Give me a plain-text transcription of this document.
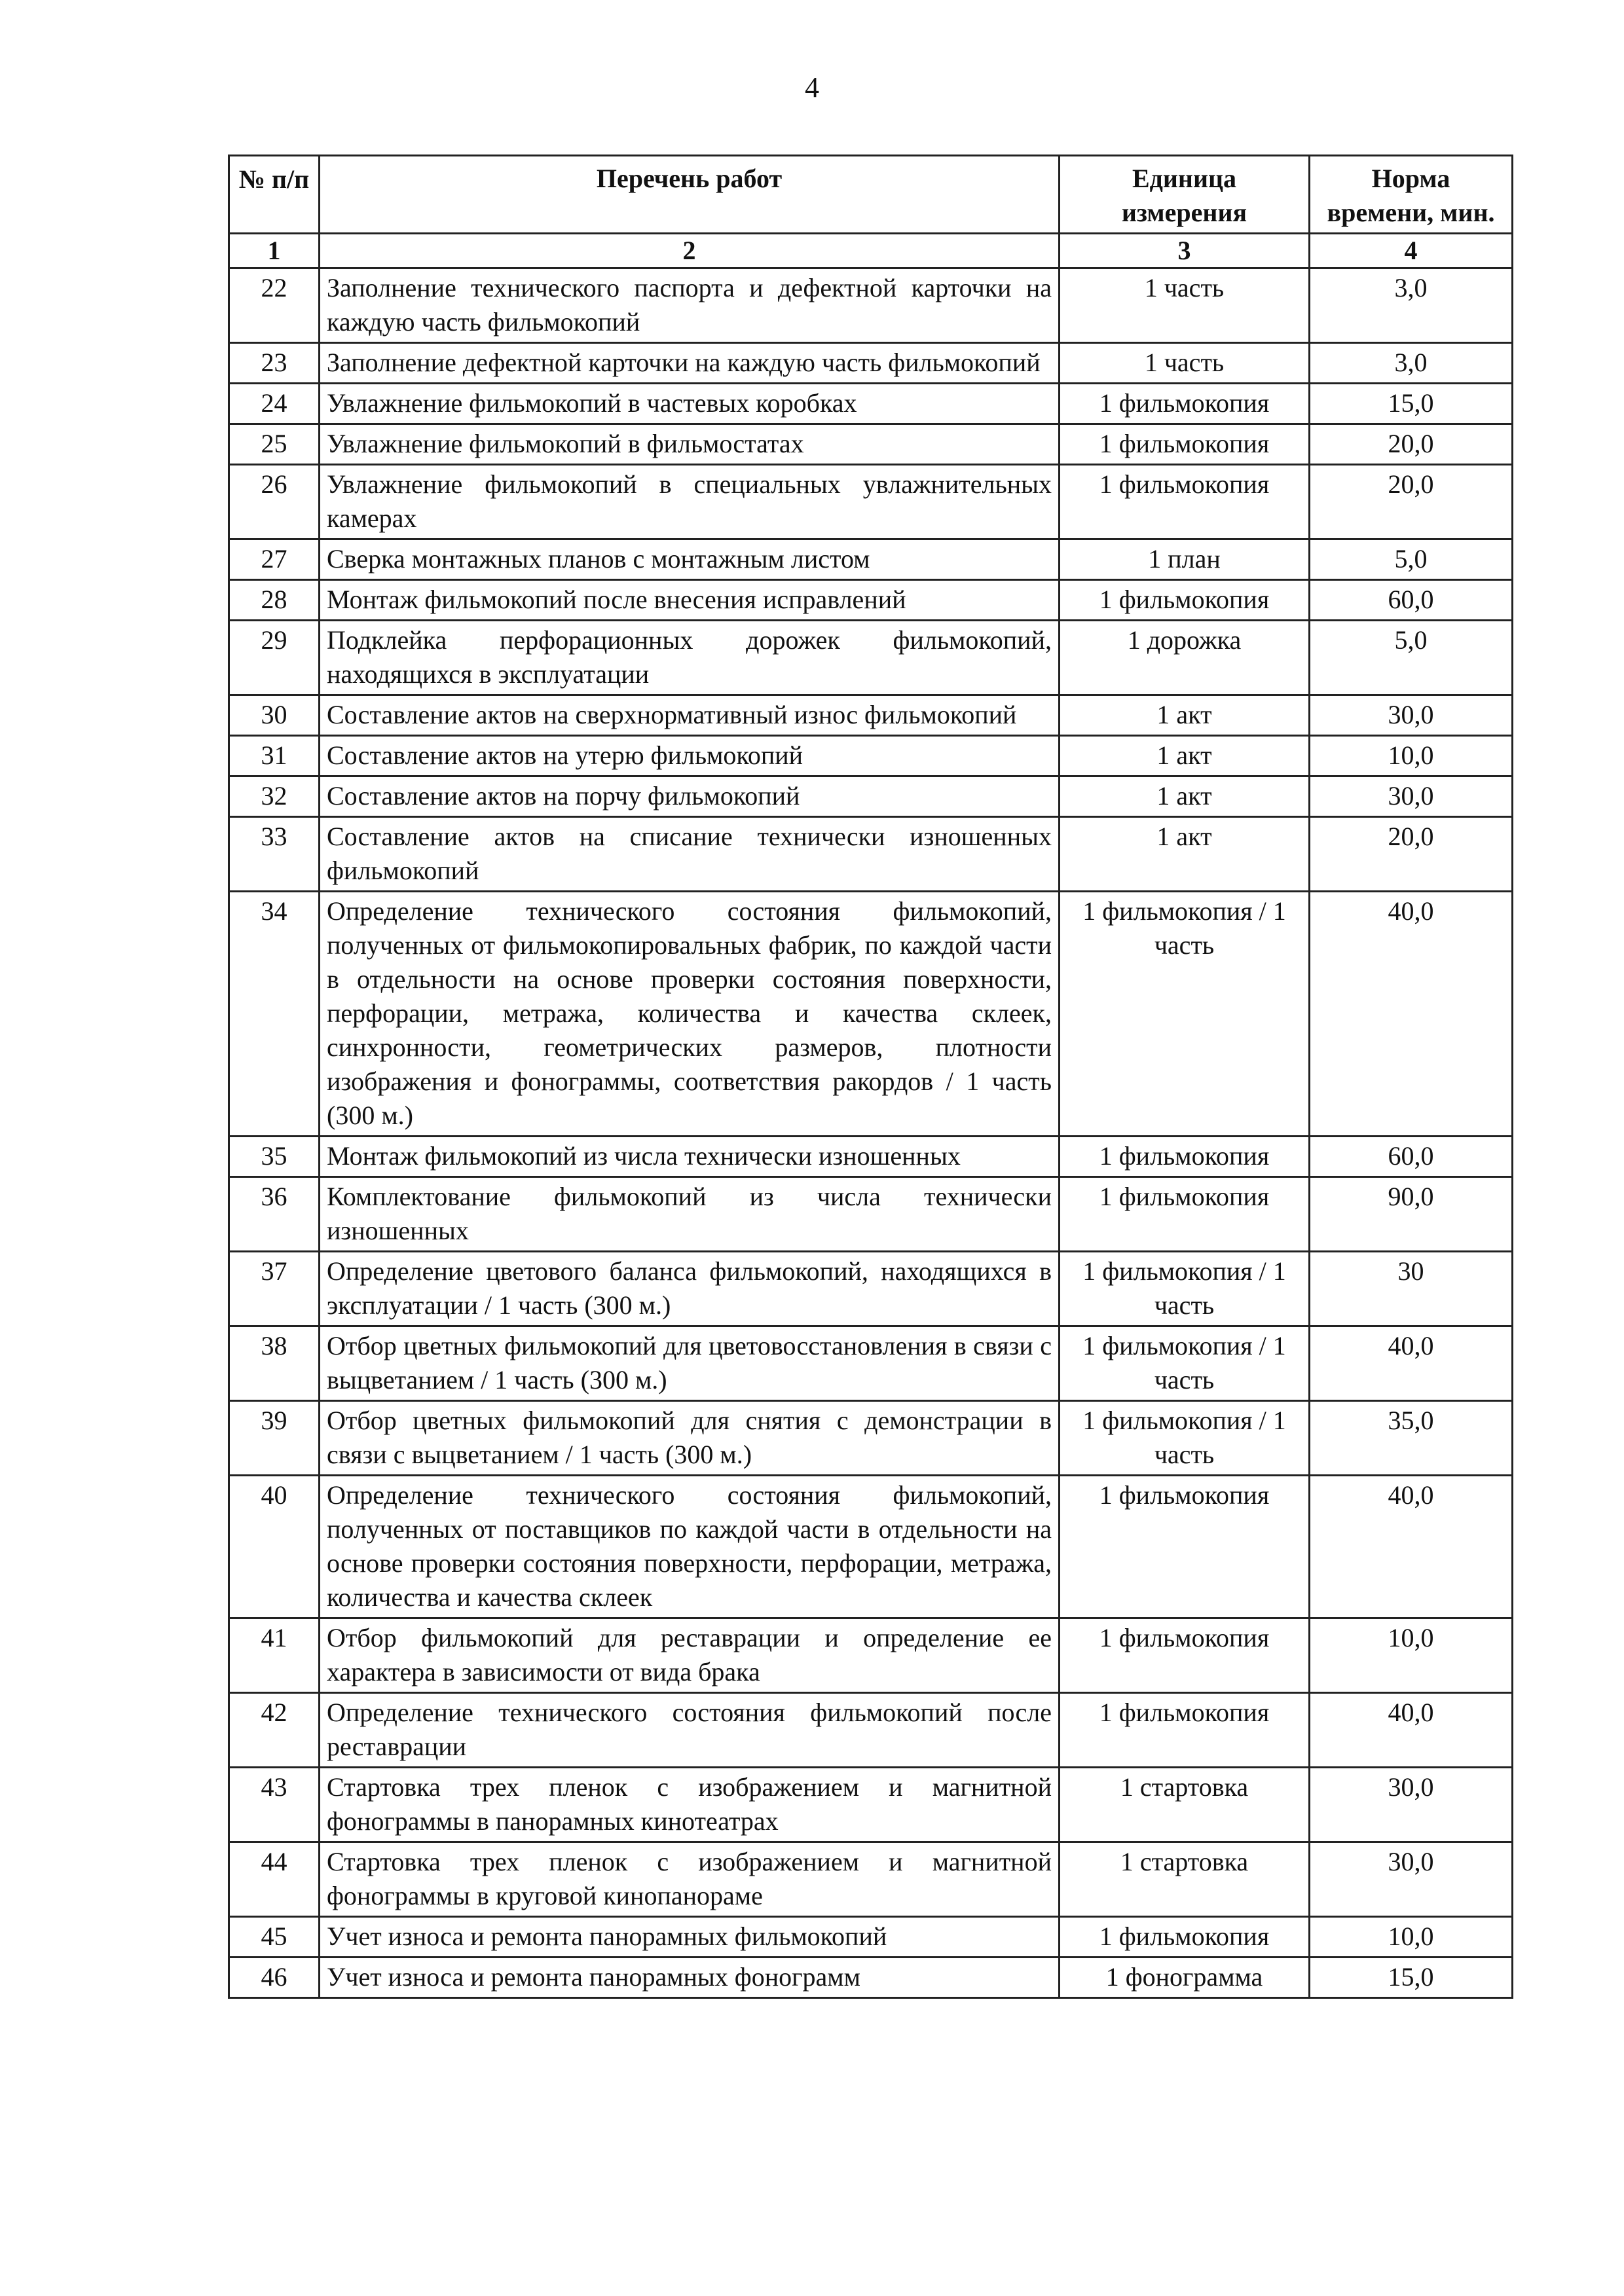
4
№ п/п	Перечень работ	Единица измерения	Норма времени, мин.
1	2	3	4
22	Заполнение технического паспорта и дефектной карточки на каждую часть фильмокопий	1 часть	3,0
23	Заполнение дефектной карточки на каждую часть фильмокопий	1 часть	3,0
24	Увлажнение фильмокопий в частевых коробках	1 фильмокопия	15,0
25	Увлажнение фильмокопий в фильмостатах	1 фильмокопия	20,0
26	Увлажнение фильмокопий в специальных увлажнительных камерах	1 фильмокопия	20,0
27	Сверка монтажных планов с монтажным листом	1 план	5,0
28	Монтаж фильмокопий после внесения исправлений	1 фильмокопия	60,0
29	Подклейка перфорационных дорожек фильмокопий, находящихся в эксплуатации	1 дорожка	5,0
30	Составление актов на сверхнормативный износ фильмокопий	1 акт	30,0
31	Составление актов на утерю фильмокопий	1 акт	10,0
32	Составление актов на порчу фильмокопий	1 акт	30,0
33	Составление актов на списание технически изношенных фильмокопий	1 акт	20,0
34	Определение технического состояния фильмокопий, полученных от фильмокопировальных фабрик, по каждой части в отдельности на основе проверки состояния поверхности, перфорации, метража, количества и качества склеек, синхронности, геометрических размеров, плотности изображения и фонограммы, соответствия ракордов / 1 часть (300 м.)	1 фильмокопия / 1 часть	40,0
35	Монтаж фильмокопий из числа технически изношенных	1 фильмокопия	60,0
36	Комплектование фильмокопий из числа технически изношенных	1 фильмокопия	90,0
37	Определение цветового баланса фильмокопий, находящихся в эксплуатации / 1 часть (300 м.)	1 фильмокопия / 1 часть	30
38	Отбор цветных фильмокопий для цветовосстановления в связи с выцветанием / 1 часть (300 м.)	1 фильмокопия / 1 часть	40,0
39	Отбор цветных фильмокопий для снятия с демонстрации в связи с выцветанием / 1 часть (300 м.)	1 фильмокопия / 1 часть	35,0
40	Определение технического состояния фильмокопий, полученных от поставщиков по каждой части в отдельности на основе проверки состояния поверхности, перфорации, метража, количества и качества склеек	1 фильмокопия	40,0
41	Отбор фильмокопий для реставрации и определение ее характера в зависимости от вида брака	1 фильмокопия	10,0
42	Определение технического состояния фильмокопий после реставрации	1 фильмокопия	40,0
43	Стартовка трех пленок с изображением и магнитной фонограммы в панорамных кинотеатрах	1 стартовка	30,0
44	Стартовка трех пленок с изображением и магнитной фонограммы в круговой кинопанораме	1 стартовка	30,0
45	Учет износа и ремонта панорамных фильмокопий	1 фильмокопия	10,0
46	Учет износа и ремонта панорамных фонограмм	1 фонограмма	15,0
